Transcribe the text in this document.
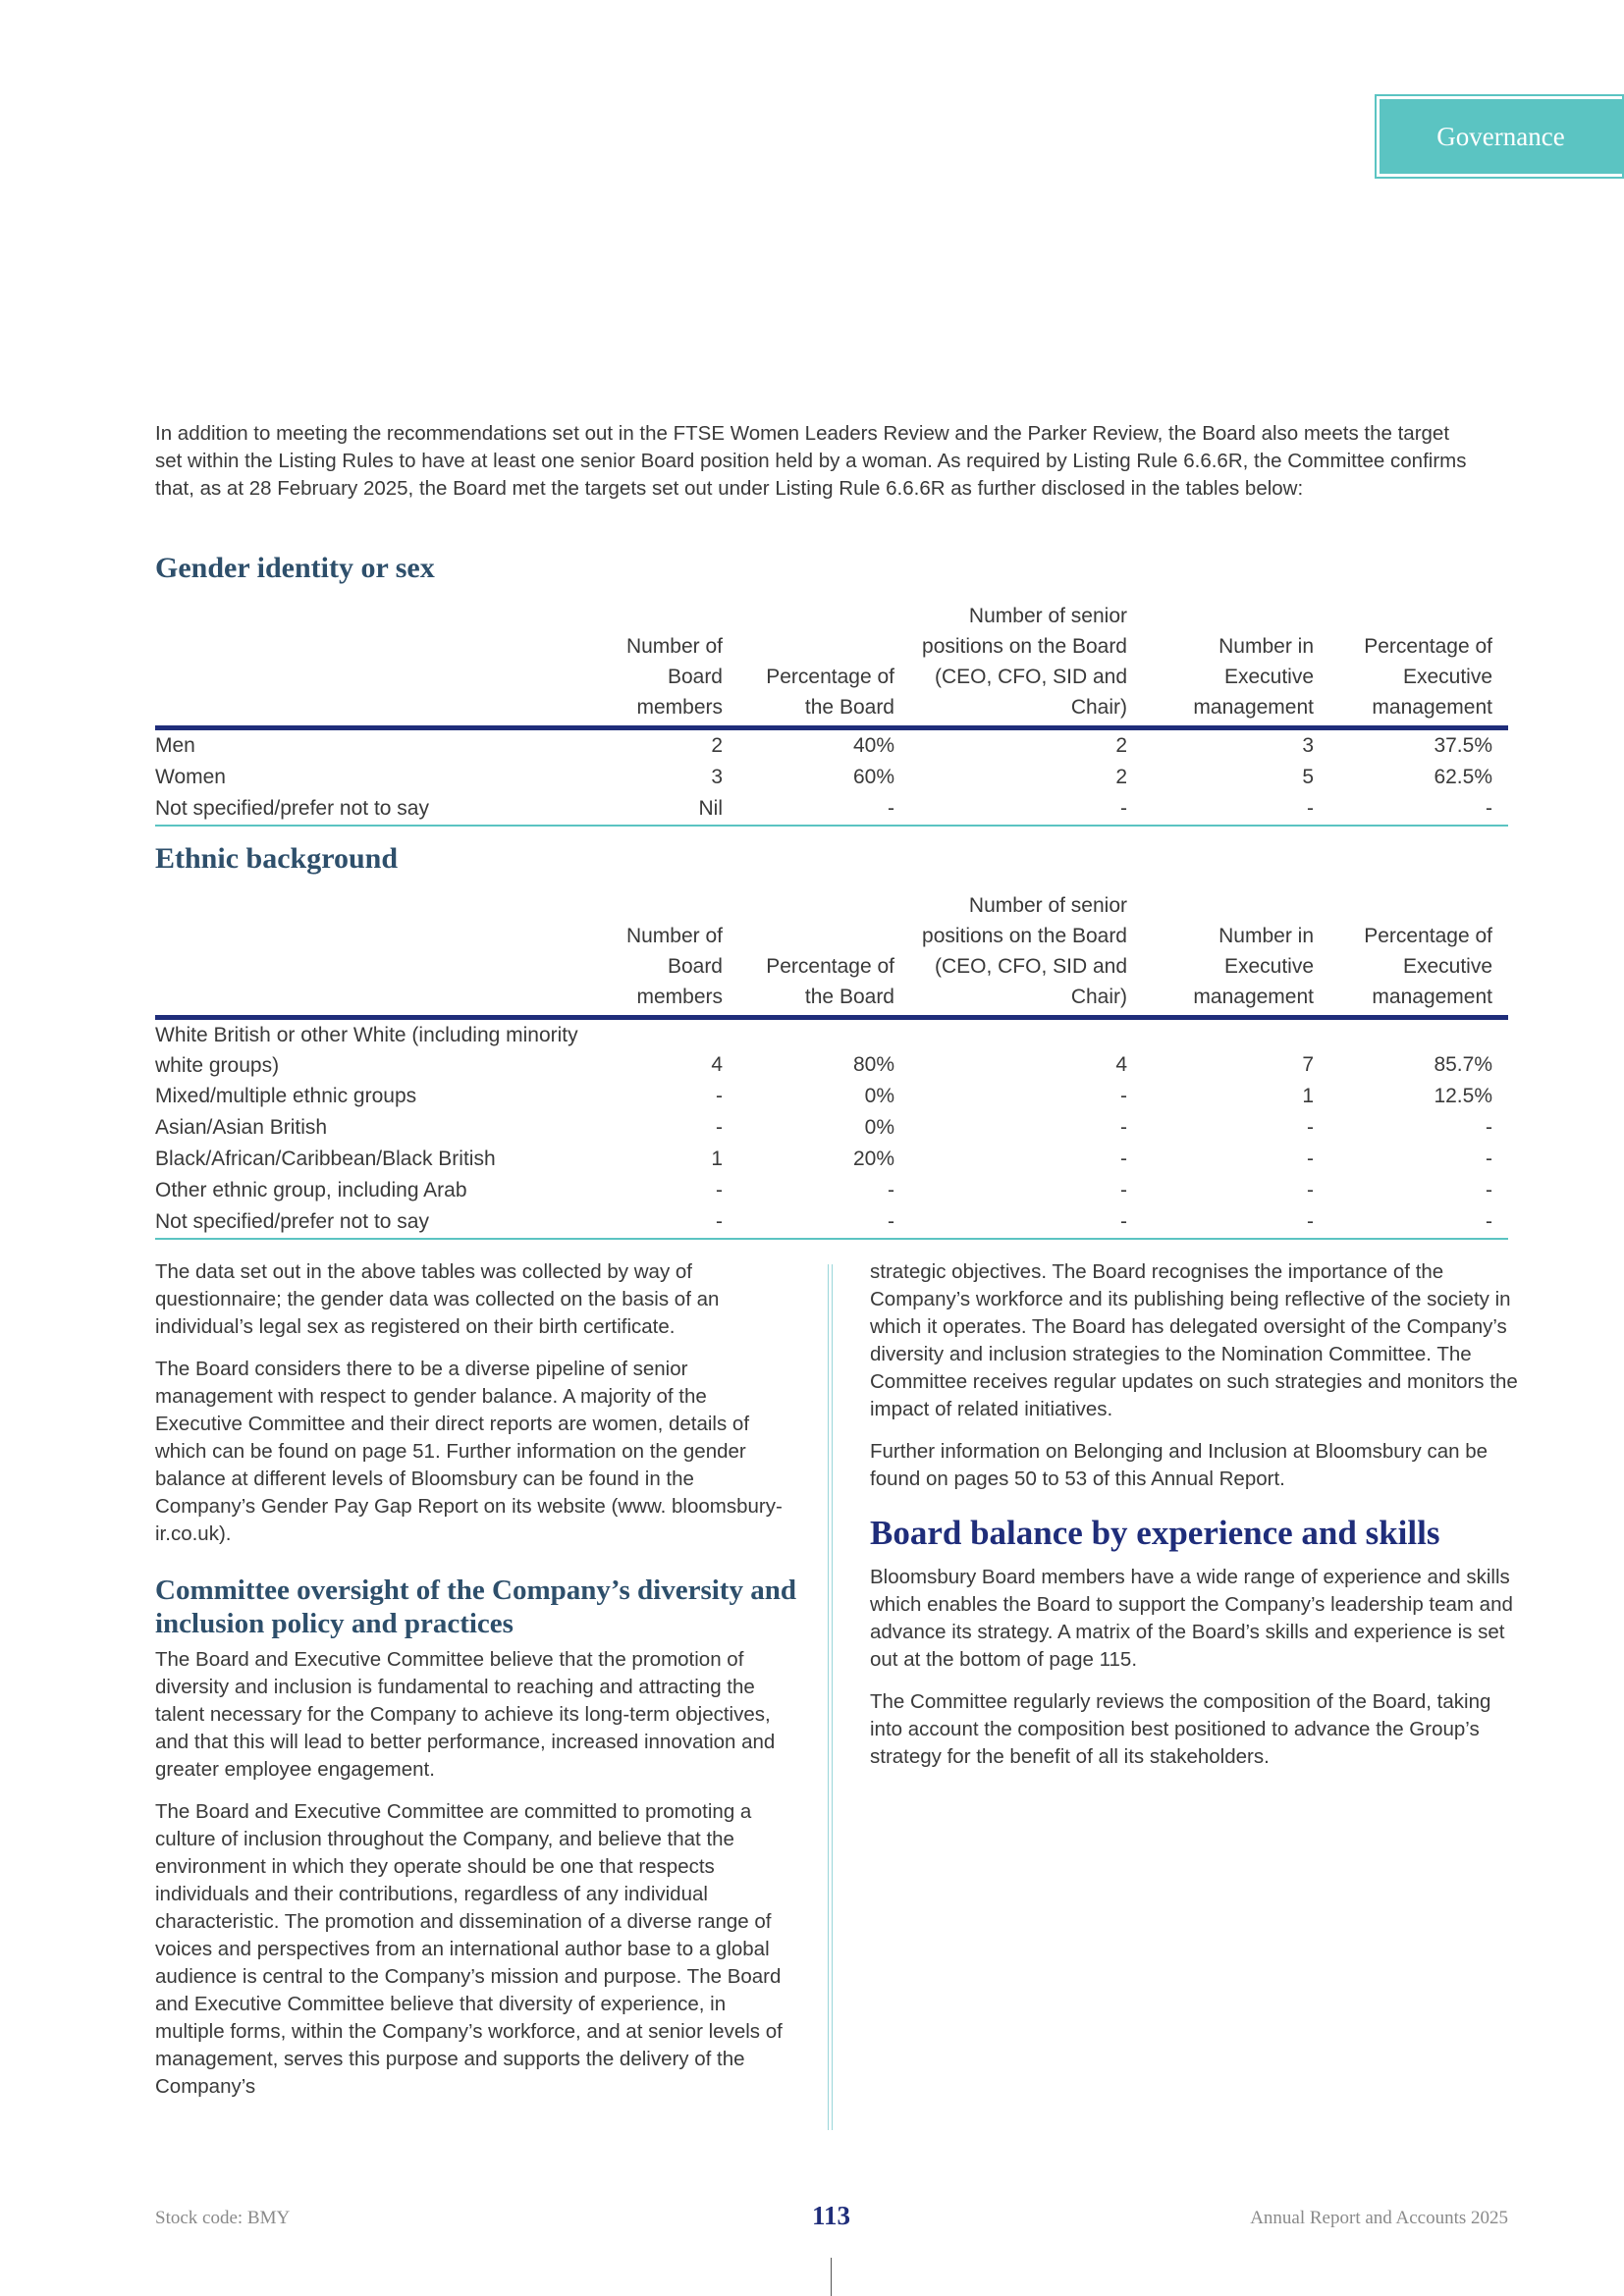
Governance

In addition to meeting the recommendations set out in the FTSE Women Leaders Review and the Parker Review, the Board also meets the target set within the Listing Rules to have at least one senior Board position held by a woman. As required by Listing Rule 6.6.6R, the Committee confirms that, as at 28 February 2025, the Board met the targets set out under Listing Rule 6.6.6R as further disclosed in the tables below:

Gender identity or sex
	Number of Board members	Percentage of the Board	Number of senior positions on the Board (CEO, CFO, SID and Chair)	Number in Executive management	Percentage of Executive management
Men	2	40%	2	3	37.5%
Women	3	60%	2	5	62.5%
Not specified/prefer not to say	Nil	-	-	-	-
Ethnic background
	Number of Board members	Percentage of the Board	Number of senior positions on the Board (CEO, CFO, SID and Chair)	Number in Executive management	Percentage of Executive management
White British or other White (including minority white groups)	4	80%	4	7	85.7%
Mixed/multiple ethnic groups	-	0%	-	1	12.5%
Asian/Asian British	-	0%	-	-	-
Black/African/Caribbean/Black British	1	20%	-	-	-
Other ethnic group, including Arab	-	-	-	-	-
Not specified/prefer not to say	-	-	-	-	-

The data set out in the above tables was collected by way of questionnaire; the gender data was collected on the basis of an individual’s legal sex as registered on their birth certificate.

The Board considers there to be a diverse pipeline of senior management with respect to gender balance. A majority of the Executive Committee and their direct reports are women, details of which can be found on page 51. Further information on the gender balance at different levels of Bloomsbury can be found in the Company’s Gender Pay Gap Report on its website (www. bloomsbury-ir.co.uk).

Committee oversight of the Company’s diversity and inclusion policy and practices

The Board and Executive Committee believe that the promotion of diversity and inclusion is fundamental to reaching and attracting the talent necessary for the Company to achieve its long-term objectives, and that this will lead to better performance, increased innovation and greater employee engagement.

The Board and Executive Committee are committed to promoting a culture of inclusion throughout the Company, and believe that the environment in which they operate should be one that respects individuals and their contributions, regardless of any individual characteristic. The promotion and dissemination of a diverse range of voices and perspectives from an international author base to a global audience is central to the Company’s mission and purpose. The Board and Executive Committee believe that diversity of experience, in multiple forms, within the Company’s workforce, and at senior levels of management, serves this purpose and supports the delivery of the Company’s

strategic objectives. The Board recognises the importance of the Company’s workforce and its publishing being reflective of the society in which it operates. The Board has delegated oversight of the Company’s diversity and inclusion strategies to the Nomination Committee. The Committee receives regular updates on such strategies and monitors the impact of related initiatives.

Further information on Belonging and Inclusion at Bloomsbury can be found on pages 50 to 53 of this Annual Report.

Board balance by experience and skills

Bloomsbury Board members have a wide range of experience and skills which enables the Board to support the Company’s leadership team and advance its strategy. A matrix of the Board’s skills and experience is set out at the bottom of page 115.

The Committee regularly reviews the composition of the Board, taking into account the composition best positioned to advance the Group’s strategy for the benefit of all its stakeholders.

Stock code: BMY	113	Annual Report and Accounts 2025
